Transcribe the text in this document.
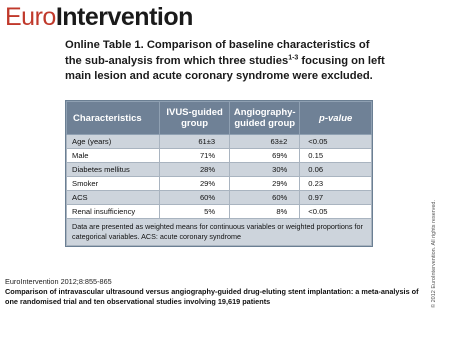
Euro Intervention
Online Table 1. Comparison of baseline characteristics of the sub-analysis from which three studies$^{1-3}$ focusing on left main lesion and acute coronary syndrome were excluded.
Characteristics	IVUS-guided group	Angiography-guided group	p-value
Age (years)	61±3	63±2	<0.05
Male	71%	69%	0.15
Diabetes mellitus	28%	30%	0.06
Smoker	29%	29%	0.23
ACS	60%	60%	0.97
Renal insufficiency	5%	8%	<0.05
Data are presented as weighted means for continuous variables or weighted proportions for categorical variables. ACS: acute coronary syndrome			
EuroIntervention 2012;8:855-865
Comparison of intravascular ultrasound versus angiography-guided drug-eluting stent implantation: a meta-analysis of one randomised trial and ten observational studies involving 19,619 patients	© 2012 EuroIntervention. All rights reserved.
